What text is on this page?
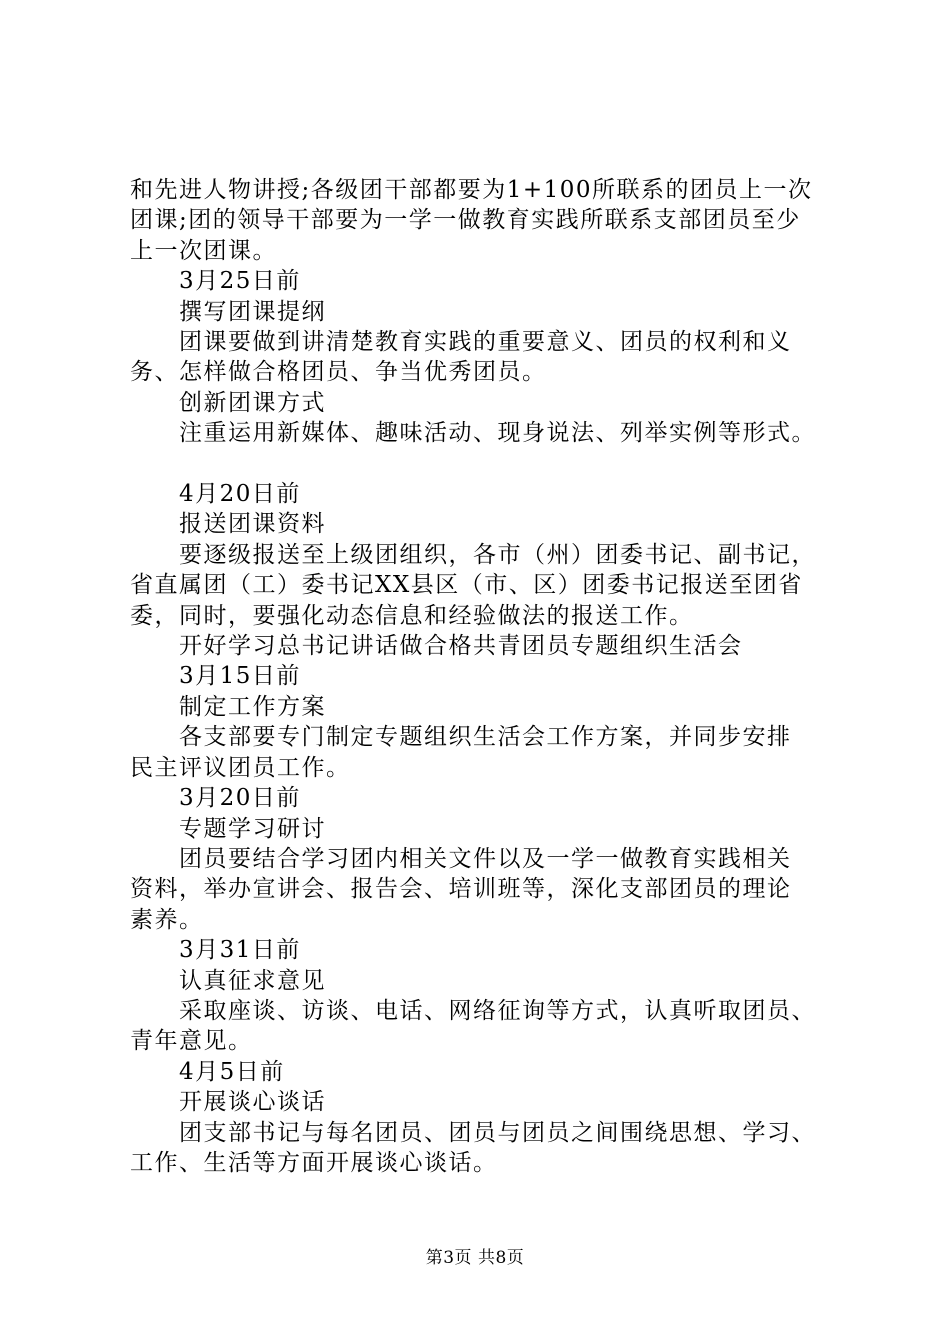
和先进人物讲授;各级团干部都要为1+100所联系的团员上一次

团课;团的领导干部要为一学一做教育实践所联系支部团员至少

上一次团课。

　　3月25日前

　　撰写团课提纲

　　团课要做到讲清楚教育实践的重要意义、团员的权利和义

务、怎样做合格团员、争当优秀团员。

　　创新团课方式

　　注重运用新媒体、趣味活动、现身说法、列举实例等形式。

　　4月20日前

　　报送团课资料

　　要逐级报送至上级团组织，各市（州）团委书记、副书记，

省直属团（工）委书记XX县区（市、区）团委书记报送至团省

委，同时，要强化动态信息和经验做法的报送工作。

　　开好学习总书记讲话做合格共青团员专题组织生活会

　　3月15日前

　　制定工作方案

　　各支部要专门制定专题组织生活会工作方案，并同步安排

民主评议团员工作。

　　3月20日前

　　专题学习研讨

　　团员要结合学习团内相关文件以及一学一做教育实践相关

资料，举办宣讲会、报告会、培训班等，深化支部团员的理论

素养。

　　3月31日前

　　认真征求意见

　　采取座谈、访谈、电话、网络征询等方式，认真听取团员、

青年意见。

　　4月5日前

　　开展谈心谈话

　　团支部书记与每名团员、团员与团员之间围绕思想、学习、

工作、生活等方面开展谈心谈话。

第3页 共8页
